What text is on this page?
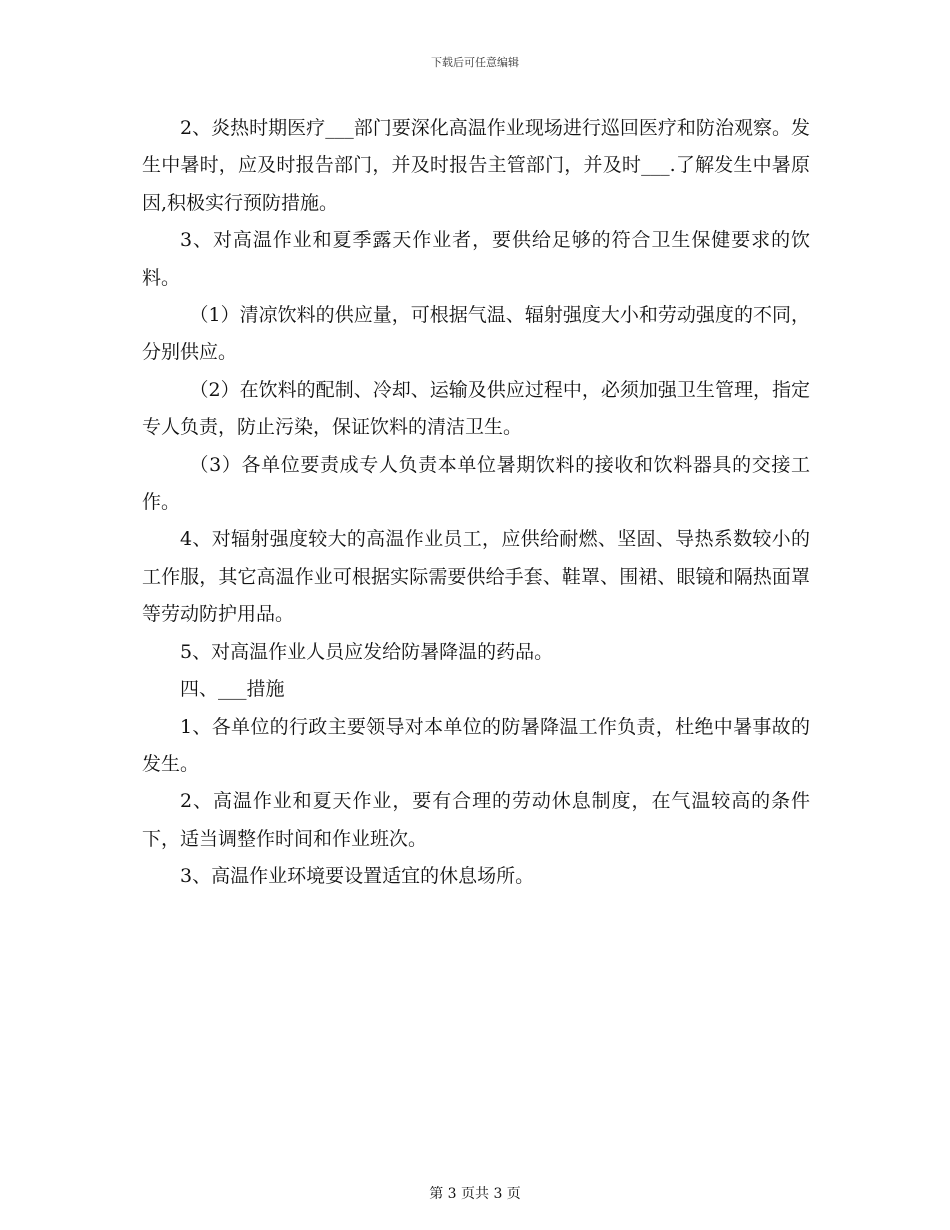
下载后可任意编辑

2、炎热时期医疗___部门要深化高温作业现场进行巡回医疗和防治观察。发生中暑时，应及时报告部门，并及时报告主管部门，并及时___.了解发生中暑原因,积极实行预防措施。

3、对高温作业和夏季露天作业者，要供给足够的符合卫生保健要求的饮料。

（1）清凉饮料的供应量，可根据气温、辐射强度大小和劳动强度的不同，分别供应。

（2）在饮料的配制、冷却、运输及供应过程中，必须加强卫生管理，指定专人负责，防止污染，保证饮料的清洁卫生。

（3）各单位要责成专人负责本单位暑期饮料的接收和饮料器具的交接工作。

4、对辐射强度较大的高温作业员工，应供给耐燃、坚固、导热系数较小的工作服，其它高温作业可根据实际需要供给手套、鞋罩、围裙、眼镜和隔热面罩等劳动防护用品。

5、对高温作业人员应发给防暑降温的药品。

四、___措施

1、各单位的行政主要领导对本单位的防暑降温工作负责，杜绝中暑事故的发生。

2、高温作业和夏天作业，要有合理的劳动休息制度，在气温较高的条件下，适当调整作时间和作业班次。

3、高温作业环境要设置适宜的休息场所。

第 3 页共 3 页
